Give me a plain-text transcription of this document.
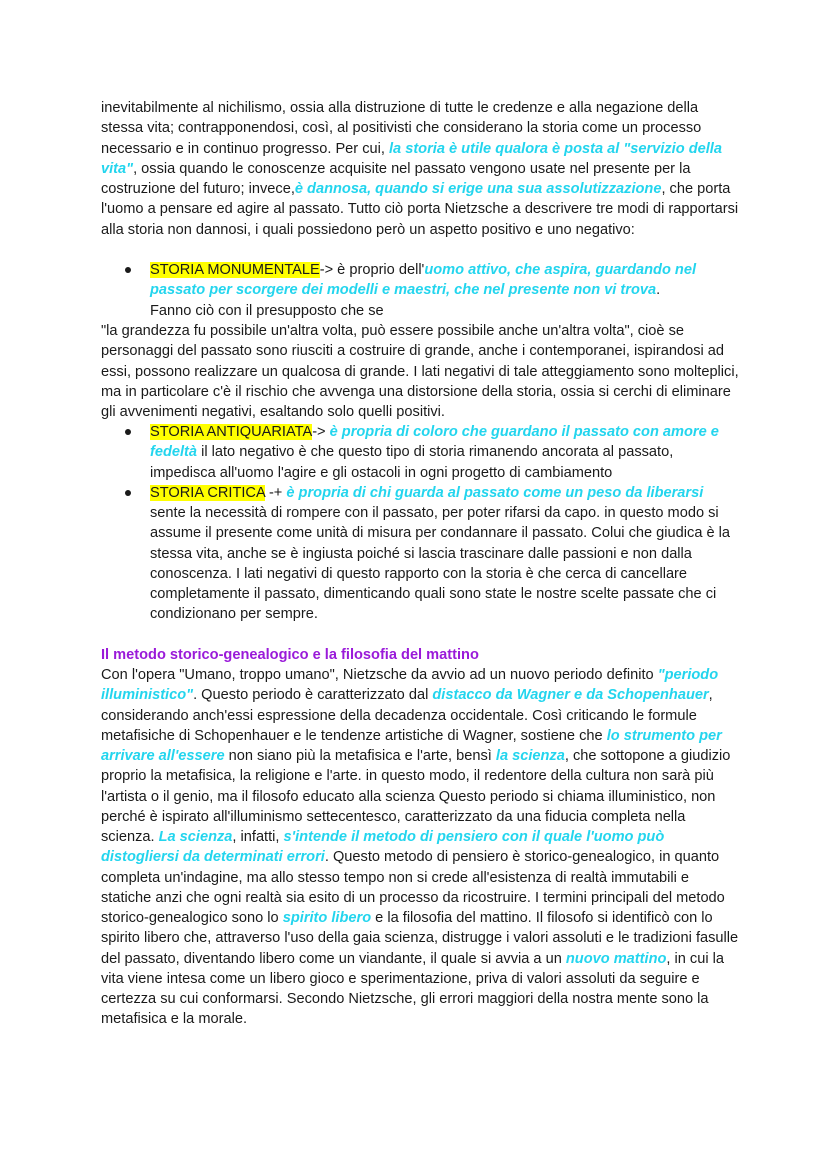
inevitabilmente al nichilismo, ossia alla distruzione di tutte le credenze e alla negazione della stessa vita; contrapponendosi, così, al positivisti che considerano la storia come un processo necessario e in continuo progresso. Per cui, la storia è utile qualora è posta al "servizio della vita", ossia quando le conoscenze acquisite nel passato vengono usate nel presente per la costruzione del futuro; invece,è dannosa, quando si erige una sua assolutizzazione, che porta l'uomo a pensare ed agire al passato. Tutto ciò porta Nietzsche a descrivere tre modi di rapportarsi alla storia non dannosi, i quali possiedono però un aspetto positivo e uno negativo:

STORIA MONUMENTALE-> è proprio dell'uomo attivo, che aspira, guardando nel passato per scorgere dei modelli e maestri, che nel presente non vi trova.

Fanno ciò con il presupposto che se

"la grandezza fu possibile un'altra volta, può essere possibile anche un'altra volta", cioè se personaggi del passato sono riusciti a costruire di grande, anche i contemporanei, ispirandosi ad essi, possono realizzare un qualcosa di grande. I lati negativi di tale atteggiamento sono molteplici, ma in particolare c'è il rischio che avvenga una distorsione della storia, ossia si cerchi di eliminare gli avvenimenti negativi, esaltando solo quelli positivi.

STORIA ANTIQUARIATA-> è propria di coloro che guardano il passato con amore e fedeltà il lato negativo è che questo tipo di storia rimanendo ancorata al passato, impedisca all'uomo l'agire e gli ostacoli in ogni progetto di cambiamento
STORIA CRITICA -+ è propria di chi guarda al passato come un peso da liberarsi sente la necessità di rompere con il passato, per poter rifarsi da capo. in questo modo si assume il presente come unità di misura per condannare il passato. Colui che giudica è la stessa vita, anche se è ingiusta poiché si lascia trascinare dalle passioni e non dalla conoscenza. I lati negativi di questo rapporto con la storia è che cerca di cancellare completamente il passato, dimenticando quali sono state le nostre scelte passate che ci condizionano per sempre.
Il metodo storico-genealogico e la filosofia del mattino

Con l'opera "Umano, troppo umano", Nietzsche da avvio ad un nuovo periodo definito "periodo illuministico". Questo periodo è caratterizzato dal distacco da Wagner e da Schopenhauer, considerando anch'essi espressione della decadenza occidentale. Così criticando le formule metafisiche di Schopenhauer e le tendenze artistiche di Wagner, sostiene che lo strumento per arrivare all'essere non siano più la metafisica e l'arte, bensì la scienza, che sottopone a giudizio proprio la metafisica, la religione e l'arte. in questo modo, il redentore della cultura non sarà più l'artista o il genio, ma il filosofo educato alla scienza Questo periodo si chiama illuministico, non perché è ispirato all'illuminismo settecentesco, caratterizzato da una fiducia completa nella scienza. La scienza, infatti, s'intende il metodo di pensiero con il quale l'uomo può distogliersi da determinati errori. Questo metodo di pensiero è storico-genealogico, in quanto completa un'indagine, ma allo stesso tempo non si crede all'esistenza di realtà immutabili e statiche anzi che ogni realtà sia esito di un processo da ricostruire. I termini principali del metodo storico-genealogico sono lo spirito libero e la filosofia del mattino. Il filosofo si identificò con lo spirito libero che, attraverso l'uso della gaia scienza, distrugge i valori assoluti e le tradizioni fasulle del passato, diventando libero come un viandante, il quale si avvia a un nuovo mattino, in cui la vita viene intesa come un libero gioco e sperimentazione, priva di valori assoluti da seguire e certezza su cui conformarsi. Secondo Nietzsche, gli errori maggiori della nostra mente sono la metafisica e la morale.
